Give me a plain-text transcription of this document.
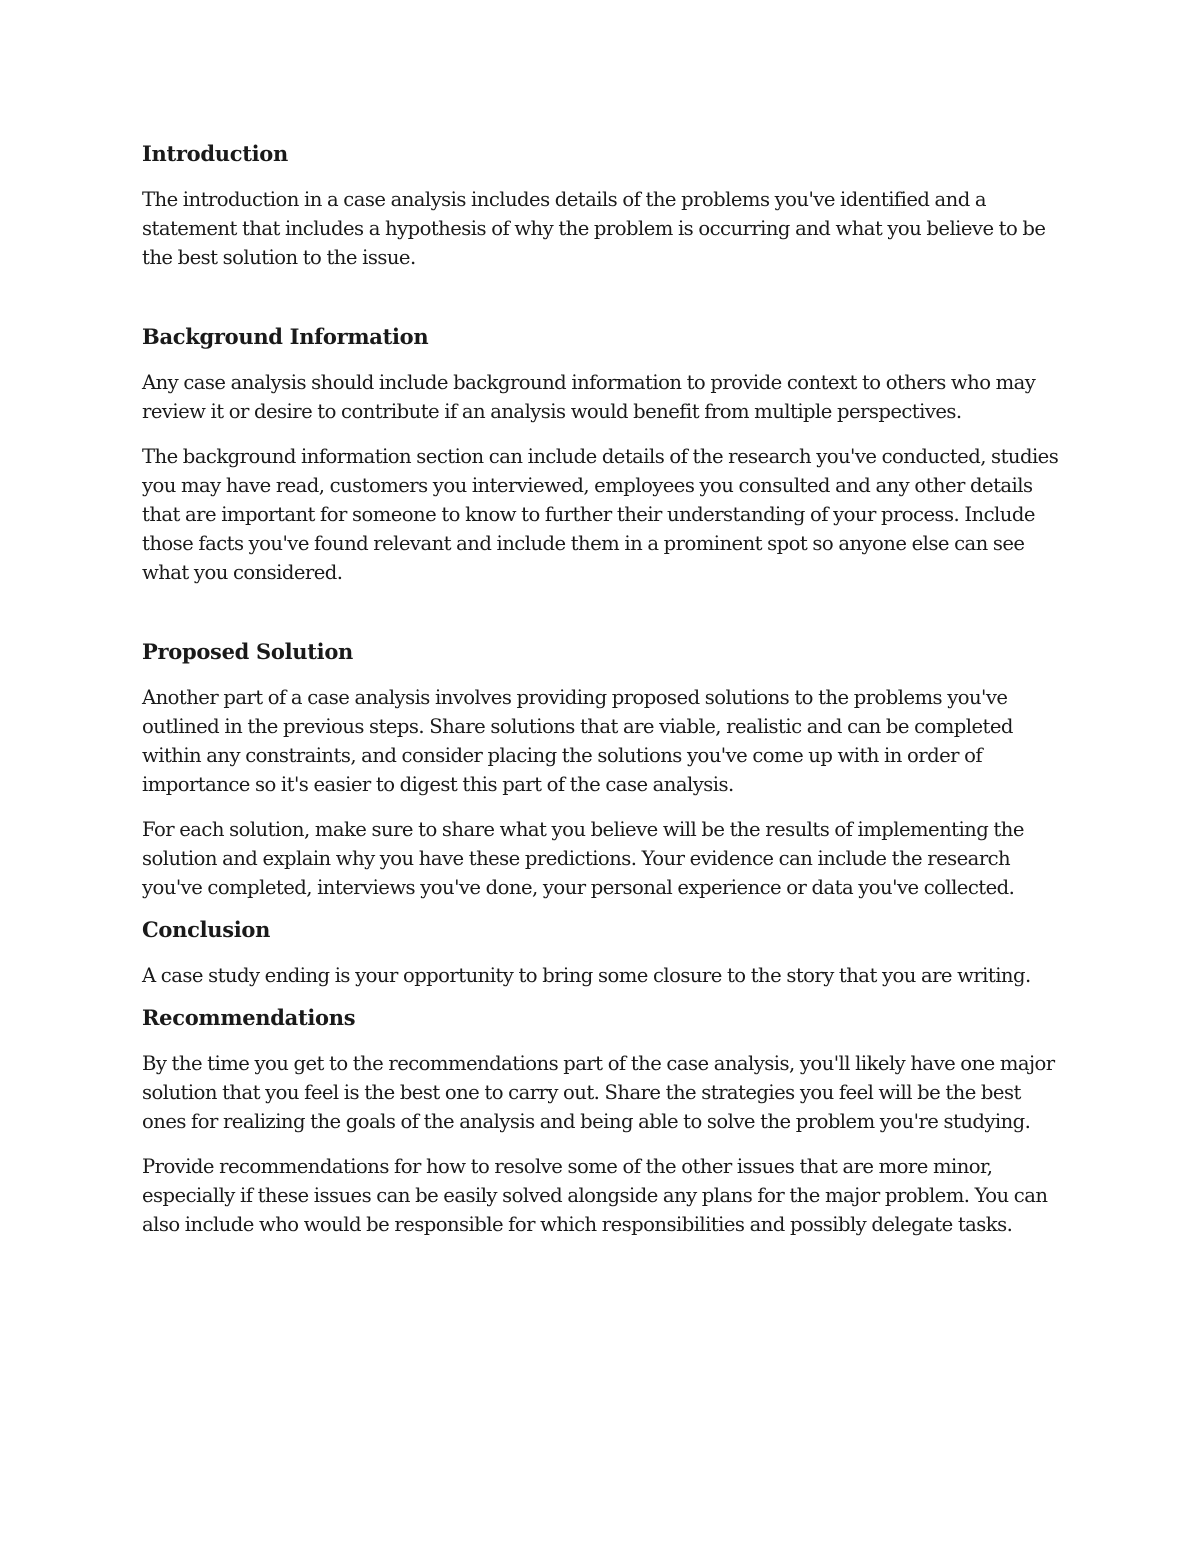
Introduction

The introduction in a case analysis includes details of the problems you've identified and a statement that includes a hypothesis of why the problem is occurring and what you believe to be the best solution to the issue.

Background Information

Any case analysis should include background information to provide context to others who may review it or desire to contribute if an analysis would benefit from multiple perspectives.

The background information section can include details of the research you've conducted, studies you may have read, customers you interviewed, employees you consulted and any other details that are important for someone to know to further their understanding of your process. Include those facts you've found relevant and include them in a prominent spot so anyone else can see what you considered.

Proposed Solution

Another part of a case analysis involves providing proposed solutions to the problems you've outlined in the previous steps. Share solutions that are viable, realistic and can be completed within any constraints, and consider placing the solutions you've come up with in order of importance so it's easier to digest this part of the case analysis.

For each solution, make sure to share what you believe will be the results of implementing the solution and explain why you have these predictions. Your evidence can include the research you've completed, interviews you've done, your personal experience or data you've collected.

Conclusion

A case study ending is your opportunity to bring some closure to the story that you are writing.

Recommendations

By the time you get to the recommendations part of the case analysis, you'll likely have one major solution that you feel is the best one to carry out. Share the strategies you feel will be the best ones for realizing the goals of the analysis and being able to solve the problem you're studying.

Provide recommendations for how to resolve some of the other issues that are more minor, especially if these issues can be easily solved alongside any plans for the major problem. You can also include who would be responsible for which responsibilities and possibly delegate tasks.
